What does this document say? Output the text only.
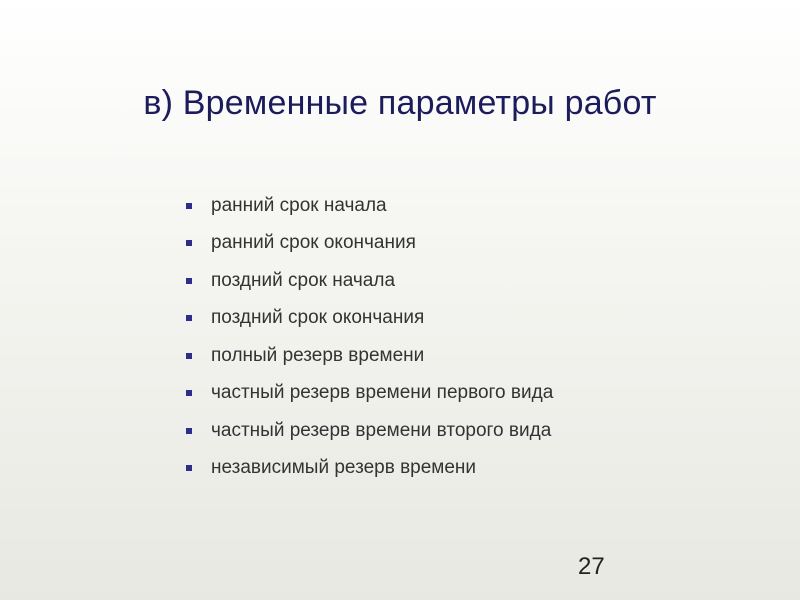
в) Временные параметры работ
ранний срок начала
ранний срок окончания
поздний срок начала
поздний срок окончания
полный резерв времени
частный резерв времени первого вида
частный резерв времени второго вида
независимый резерв времени
27
